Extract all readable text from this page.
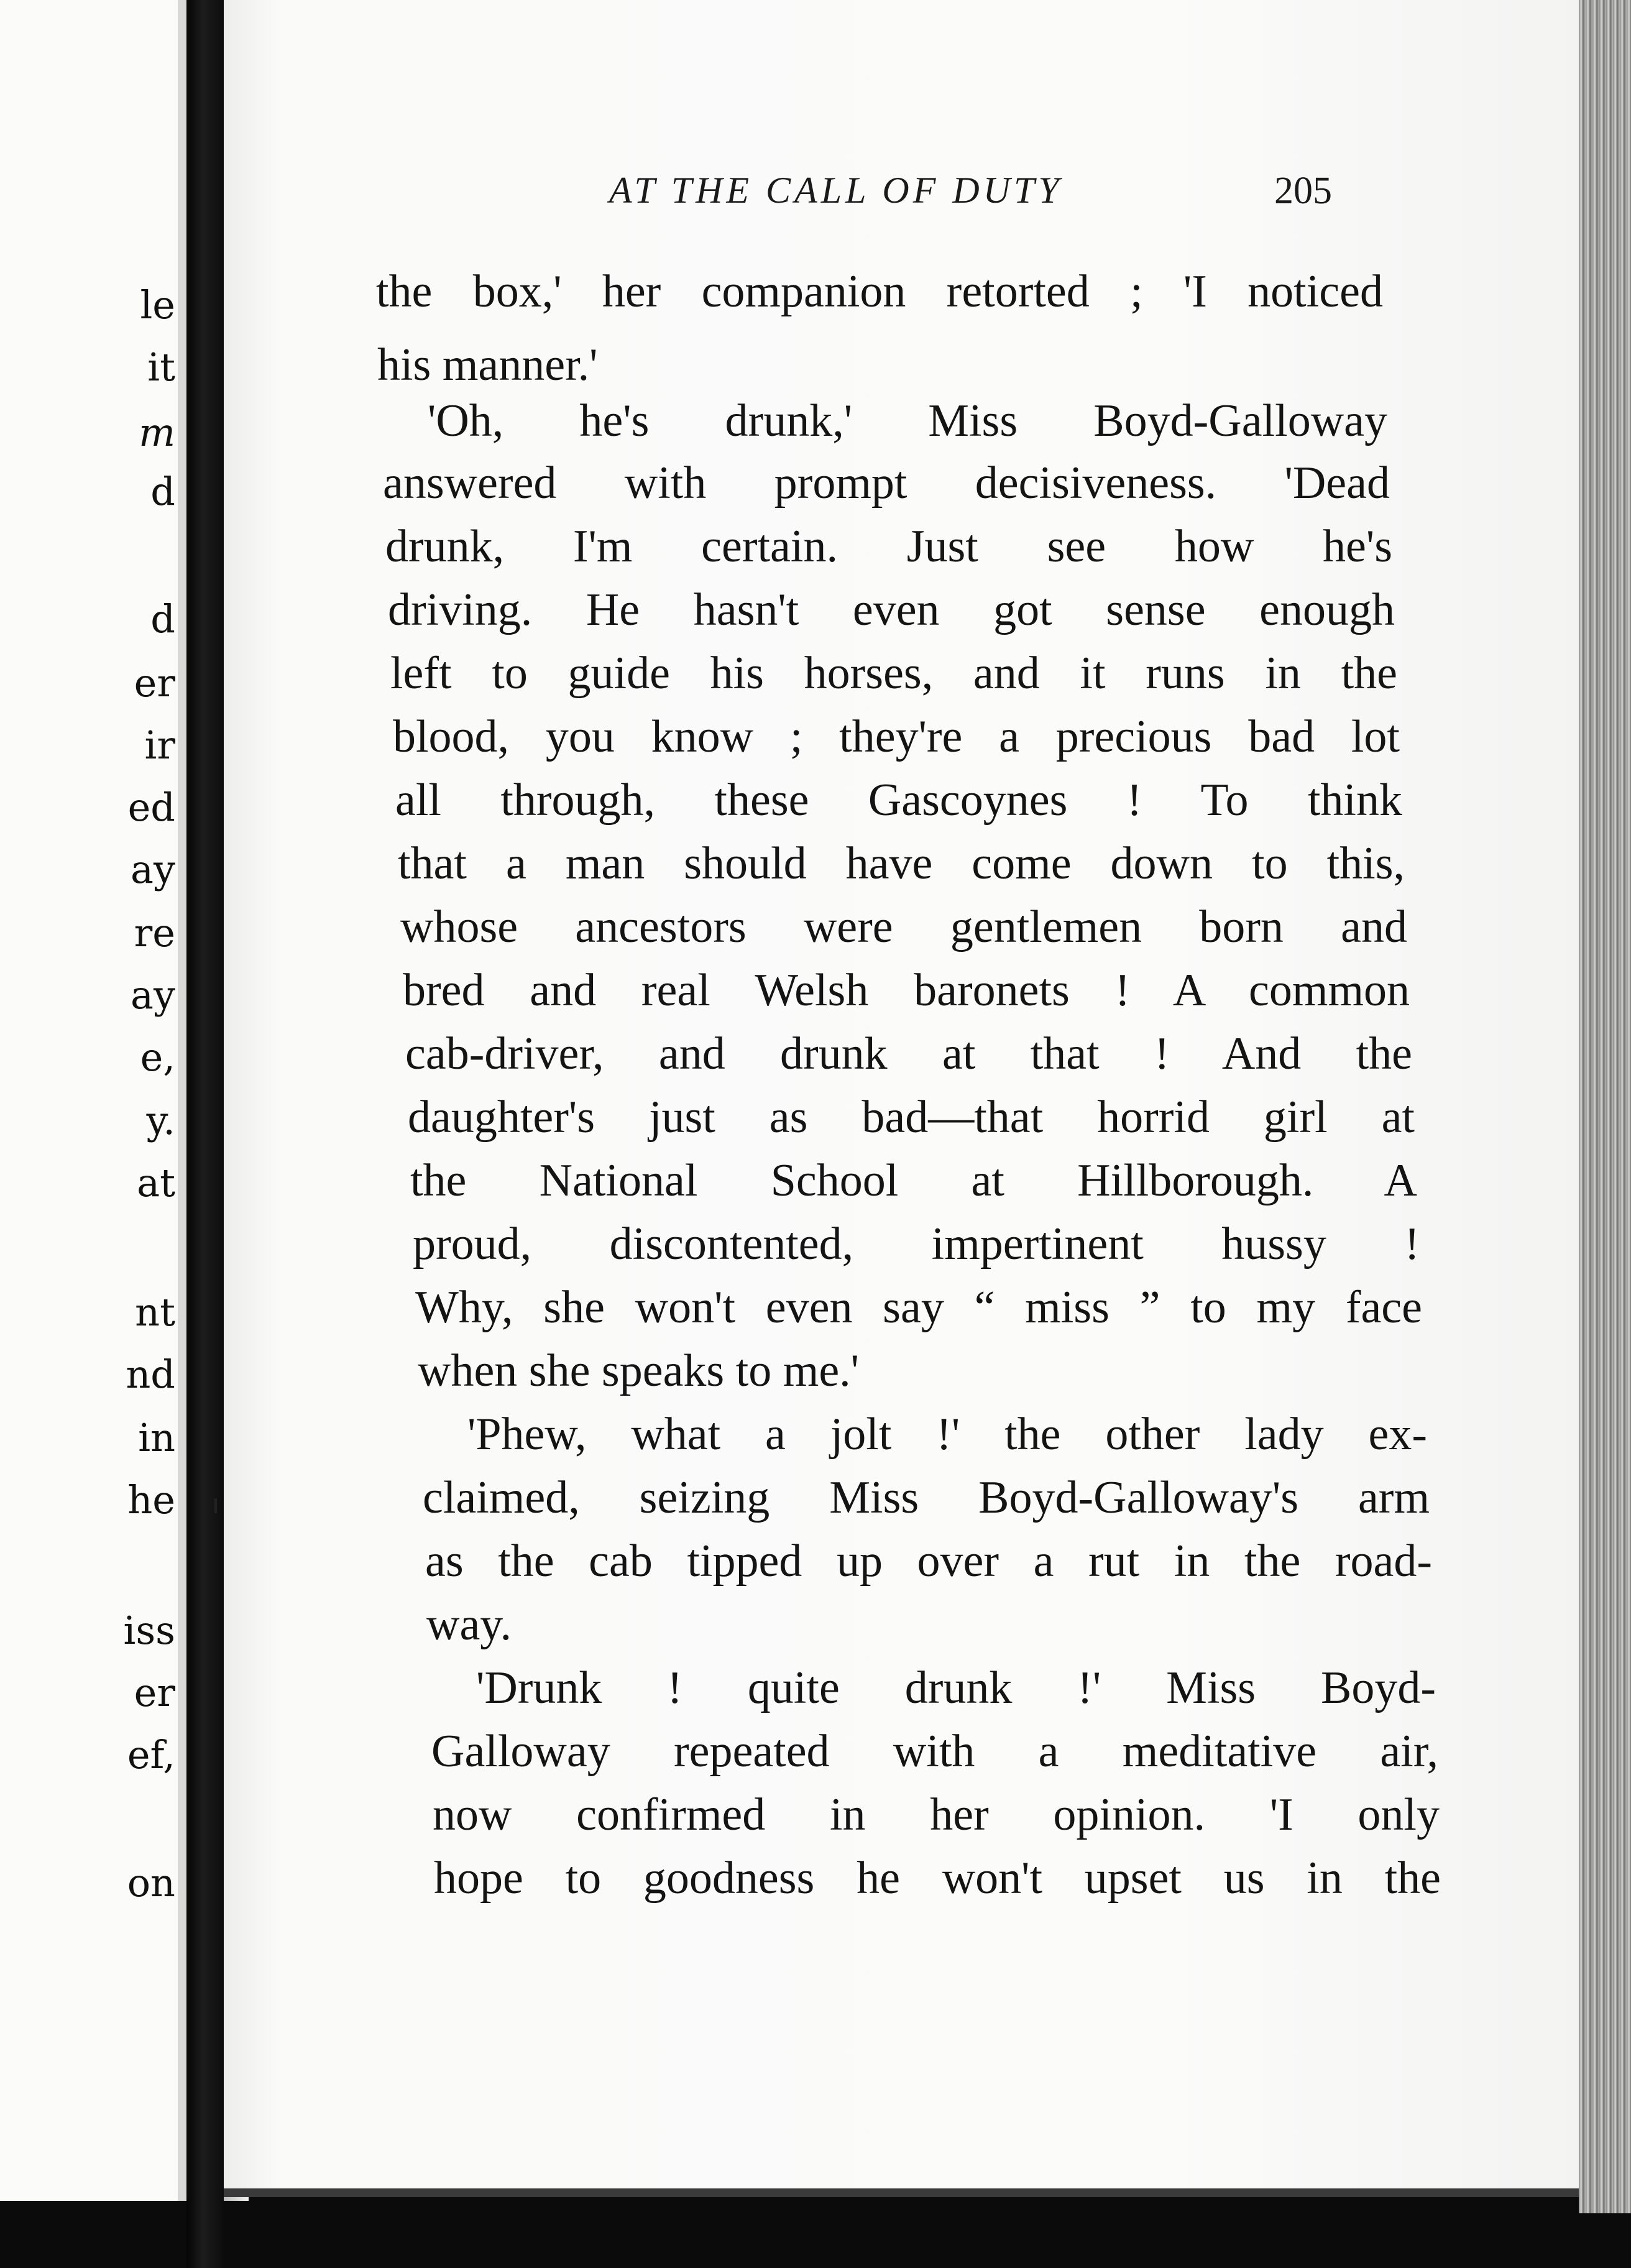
le
it
m
d
d
er
ir
ed
ay
re
ay
e,
y.
at
nt
nd
in
he
iss
er
ef,
on
AT THE CALL OF DUTY	205
the box,' her companion retorted ; 'I noticed
his manner.'
'Oh, he's drunk,' Miss Boyd-Galloway
answered with prompt decisiveness. 'Dead
drunk, I'm certain. Just see how he's
driving. He hasn't even got sense enough
left to guide his horses, and it runs in the
blood, you know ; they're a precious bad lot
all through, these Gascoynes ! To think
that a man should have come down to this,
whose ancestors were gentlemen born and
bred and real Welsh baronets ! A common
cab-driver, and drunk at that ! And the
daughter's just as bad—that horrid girl at
the National School at Hillborough. A
proud, discontented, impertinent hussy !
Why, she won't even say “ miss ” to my face
when she speaks to me.'
'Phew, what a jolt !' the other lady ex-
claimed, seizing Miss Boyd-Galloway's arm
as the cab tipped up over a rut in the road-
way.
'Drunk ! quite drunk !' Miss Boyd-
Galloway repeated with a meditative air,
now confirmed in her opinion. 'I only
hope to goodness he won't upset us in the
